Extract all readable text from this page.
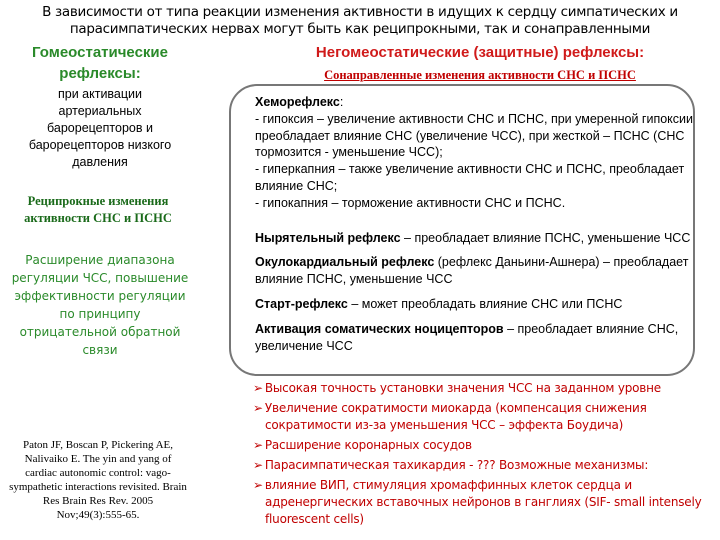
В зависимости от типа реакции изменения активности в идущих к сердцу симпатических и парасимпатических нервах могут быть как реципрокными, так и сонаправленными
Гомеостатические рефлексы:
Негомеостатические (защитные) рефлексы:
Сонаправленные изменения активности СНС и ПСНС
при активации артериальных барорецепторов и барорецепторов низкого давления
Реципрокные изменения активности СНС и ПСНС
Расширение диапазона регуляции ЧСС, повышение эффективности регуляции по принципу отрицательной обратной связи
Paton JF, Boscan P, Pickering AE, Nalivaiko E. The yin and yang of cardiac autonomic control: vago-sympathetic interactions revisited. Brain Res Brain Res Rev. 2005 Nov;49(3):555-65.

Хеморефлекс:
- гипоксия – увеличение активности СНС и ПСНС, при умеренной гипоксии преобладает влияние СНС (увеличение ЧСС), при жесткой – ПСНС (СНС тормозится - уменьшение ЧСС);
- гиперкапния – также увеличение активности СНС и ПСНС, преобладает влияние СНС;
- гипокапния – торможение активности СНС и ПСНС.

Нырятельный рефлекс – преобладает влияние ПСНС, уменьшение ЧСС

Окулокардиальный рефлекс (рефлекс Даньини-Ашнера) – преобладает влияние ПСНС, уменьшение ЧСС

Старт-рефлекс – может преобладать влияние СНС или ПСНС

Активация соматических ноцицепторов – преобладает влияние СНС, увеличение ЧСС

➢ Высокая точность установки значения ЧСС на заданном уровне
➢ Увеличение сократимости миокарда (компенсация снижения сократимости из-за уменьшения ЧСС – эффекта Боудича)
➢ Расширение коронарных сосудов
➢ Парасимпатическая тахикардия - ??? Возможные механизмы:
➢ влияние ВИП, стимуляция хромаффинных клеток сердца и адренергических вставочных нейронов в ганглиях (SIF- small intensely fluorescent cells)
